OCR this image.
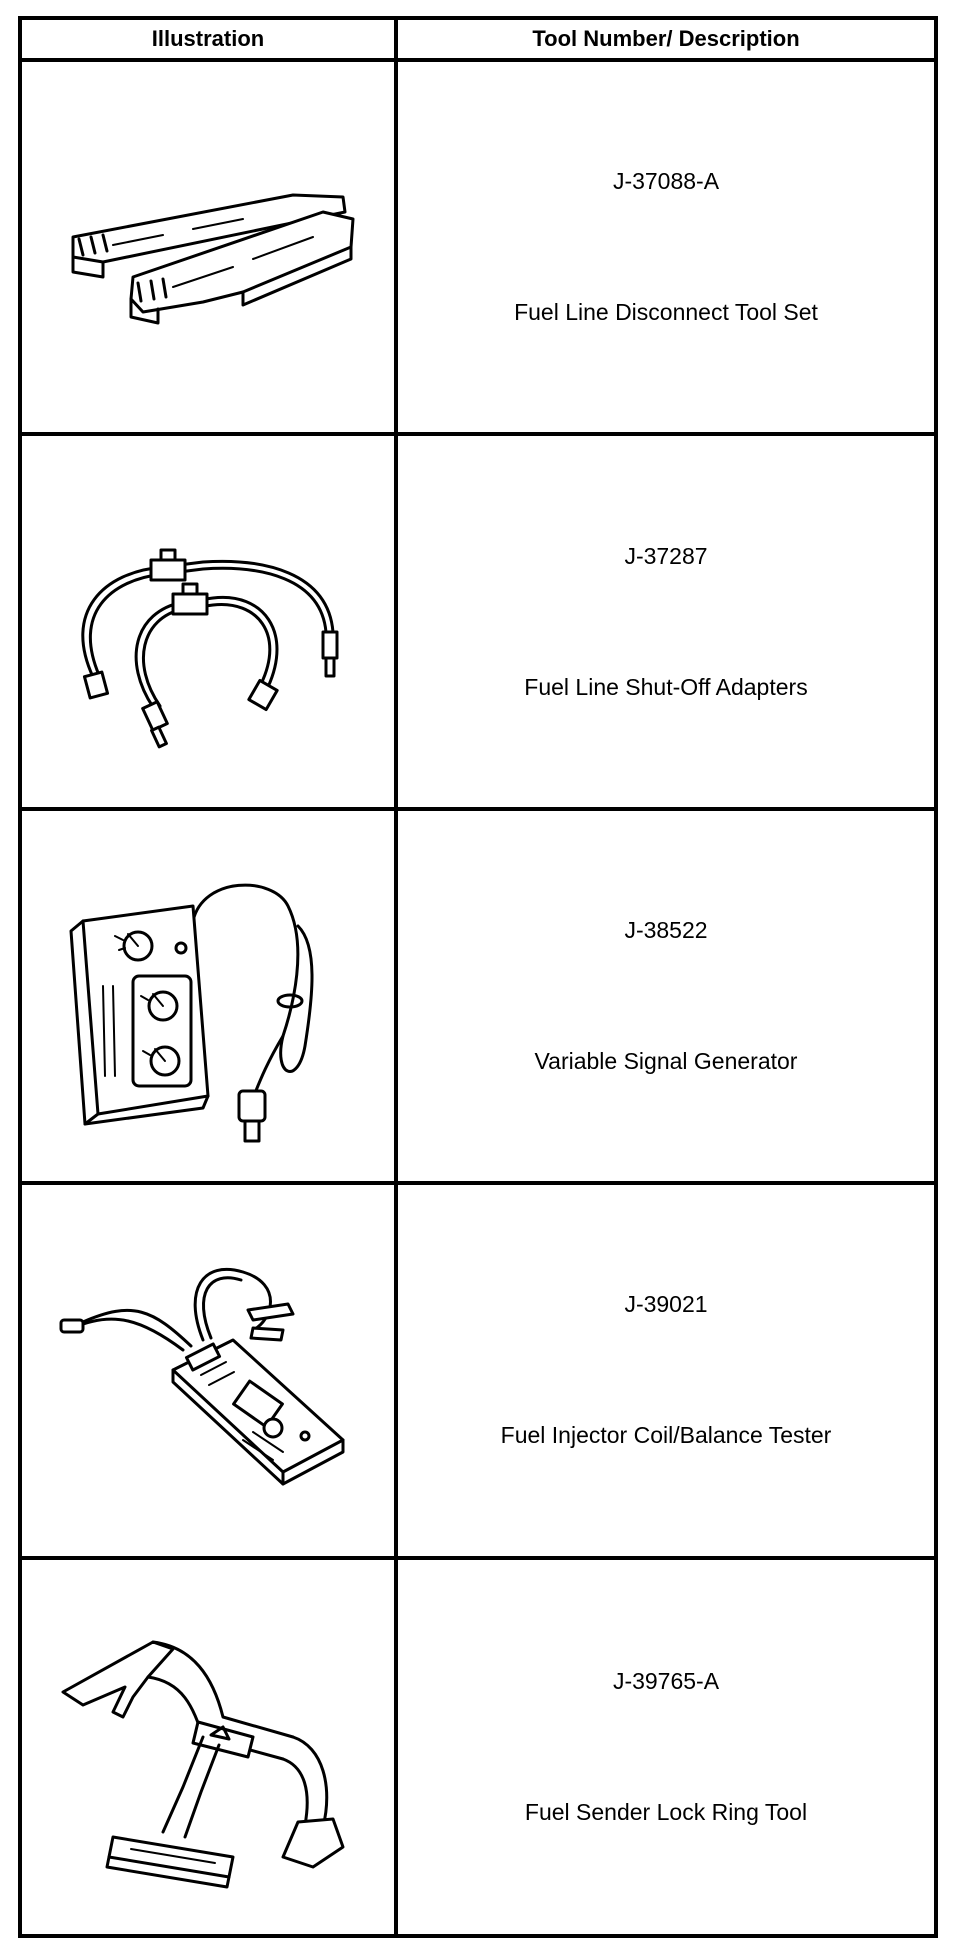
Illustration	Tool Number/ Description
J-37088-A
Fuel Line Disconnect Tool Set
J-37287
Fuel Line Shut-Off Adapters
J-38522
Variable Signal Generator
J-39021
Fuel Injector Coil/Balance Tester
J-39765-A
Fuel Sender Lock Ring Tool
